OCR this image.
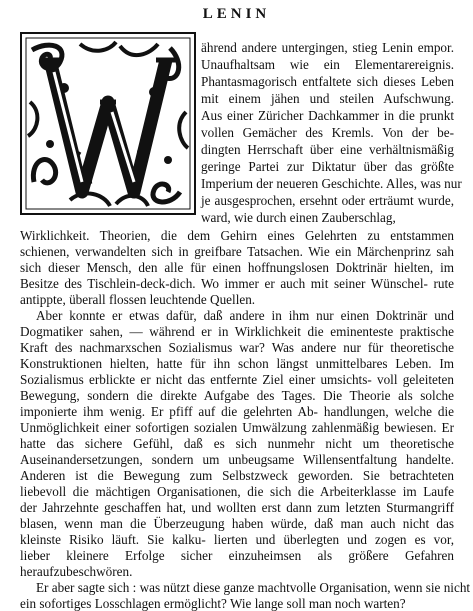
LENIN
ährend andere untergingen, stieg Lenin empor.
Unaufhaltsam wie ein Elementarereignis.
Phantasmagorisch entfaltete sich dieses Leben
mit einem jähen und steilen Aufschwung.
Aus einer Züricher Dachkammer in die prunkt
vollen Gemächer des Kremls. Von der be-
dingten Herrschaft über eine verhältnismäßig
geringe Partei zur Diktatur über das größte
Imperium der neueren Geschichte. Alles, was nur
je ausgesprochen, ersehnt oder erträumt wurde,
ward, wie durch einen Zauberschlag,
Wirklichkeit. Theorien, die dem Gehirn eines Gelehrten zu entstammen
schienen, verwandelten sich in greifbare Tatsachen. Wie ein Märchenprinz sah
sich dieser Mensch, den alle für einen hoffnungslosen Doktrinär hielten, im
Besitze des Tischlein-deck-dich. Wo immer er auch mit seiner Wünschel- rute
antippte, überall flossen leuchtende Quellen.
Aber konnte er etwas dafür, daß andere in ihm nur einen Doktrinär und
Dogmatiker sahen, — während er in Wirklichkeit die eminenteste praktische
Kraft des nachmarxschen Sozialismus war? Was andere nur für theoretische
Konstruktionen hielten, hatte für ihn schon längst unmittelbares Leben. Im
Sozialismus erblickte er nicht das entfernte Ziel einer umsichts- voll geleiteten
Bewegung, sondern die direkte Aufgabe des Tages. Die Theorie als solche
imponierte ihm wenig. Er pfiff auf die gelehrten Ab- handlungen, welche die
Unmöglichkeit einer sofortigen sozialen Umwälzung zahlenmäßig bewiesen. Er
hatte das sichere Gefühl, daß es sich nunmehr nicht um theoretische
Auseinandersetzungen, sondern um unbeugsame Willensentfaltung handelte.
Anderen ist die Bewegung zum Selbstzweck geworden. Sie betrachteten
liebevoll die mächtigen Organisationen, die sich die Arbeiterklasse im Laufe
der Jahrzehnte geschaffen hat, und wollten erst dann zum letzten Sturmangriff
blasen, wenn man die Überzeugung haben würde, daß man auch nicht das
kleinste Risiko läuft. Sie kalku- lierten und überlegten und zogen es vor,
lieber kleinere Erfolge sicher einzuheimsen als größere Gefahren
heraufzubeschwören.
Er aber sagte sich : was nützt diese ganze machtvolle Organisation, wenn sie nicht
ein sofortiges Losschlagen ermöglicht? Wie lange soll man noch warten?
